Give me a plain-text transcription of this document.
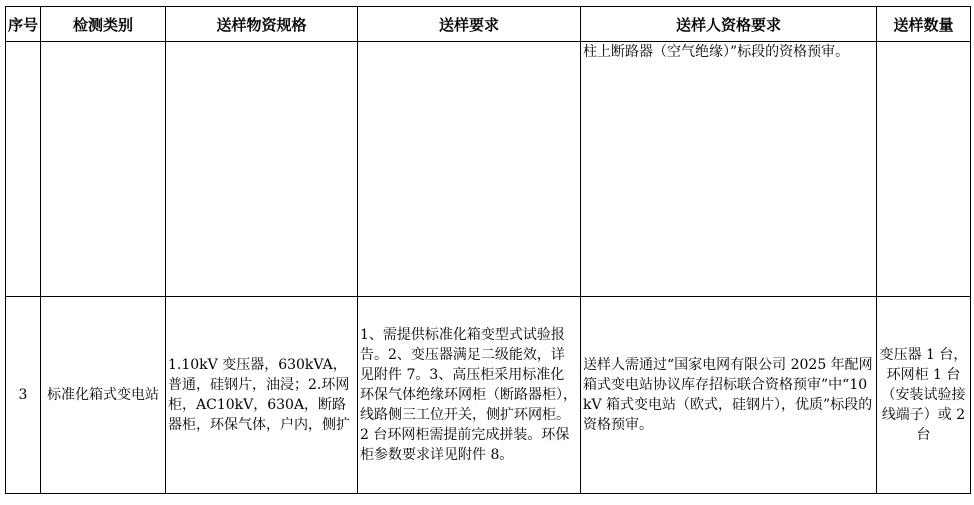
序号	检测类别	送样物资规格	送样要求	送样人资格要求	送样数量
				柱上断路器（空气绝缘）”标段的资格预审。	
3	标准化箱式变电站	1.10kV 变压器，630kVA，普通，硅钢片，油浸；2.环网柜，AC10kV，630A，断路器柜，环保气体，户内，侧扩	1、需提供标准化箱变型式试验报告。2、变压器满足二级能效，详见附件 7。3、高压柜采用标准化环保气体绝缘环网柜（断路器柜），线路侧三工位开关，侧扩环网柜。2 台环网柜需提前完成拼装。环保柜参数要求详见附件 8。	送样人需通过“国家电网有限公司 2025 年配网箱式变电站协议库存招标联合资格预审”中“10kV 箱式变电站（欧式，硅钢片），优质”标段的资格预审。	变压器 1 台，环网柜 1 台（安装试验接线端子）或 2 台
